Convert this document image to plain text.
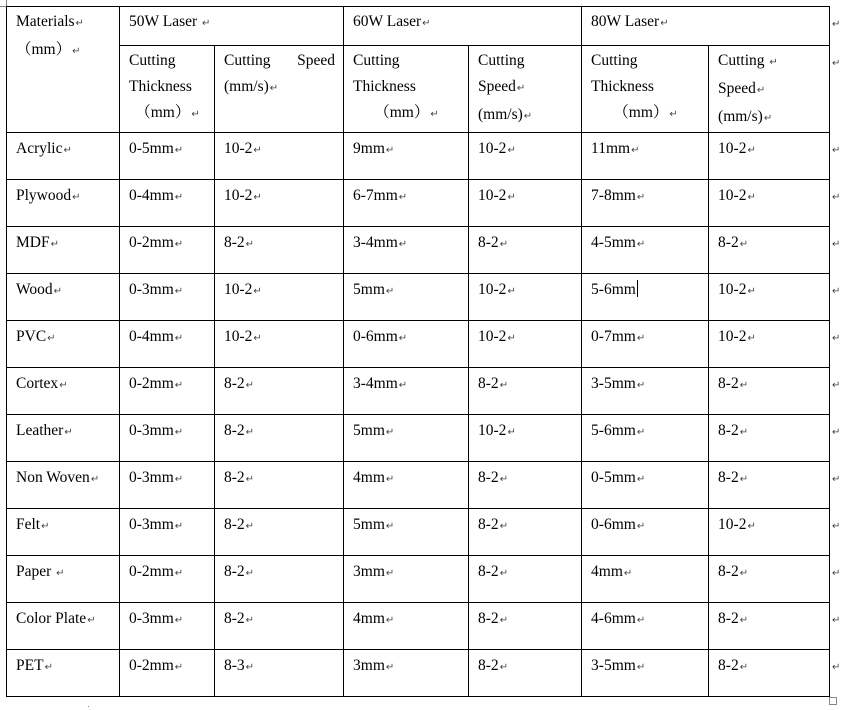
Materials↵
（mm）↵	50W Laser ↵		60W Laser↵		80W Laser↵	

	Cutting
Thickness
（mm）↵	Cutting Speed
(mm/s)↵	Cutting
Thickness
（mm）↵	Cutting
Speed↵
(mm/s)↵	Cutting
Thickness
（mm）↵	Cutting ↵
Speed↵
(mm/s)↵

Acrylic↵	0-5mm↵	10-2↵	9mm↵	10-2↵	11mm↵	10-2↵
Plywood↵	0-4mm↵	10-2↵	6-7mm↵	10-2↵	7-8mm↵	10-2↵
MDF↵	0-2mm↵	8-2↵	3-4mm↵	8-2↵	4-5mm↵	8-2↵
Wood↵	0-3mm↵	10-2↵	5mm↵	10-2↵	5-6mm	10-2↵
PVC↵	0-4mm↵	10-2↵	0-6mm↵	10-2↵	0-7mm↵	10-2↵
Cortex↵	0-2mm↵	8-2↵	3-4mm↵	8-2↵	3-5mm↵	8-2↵
Leather↵	0-3mm↵	8-2↵	5mm↵	10-2↵	5-6mm↵	8-2↵
Non Woven↵	0-3mm↵	8-2↵	4mm↵	8-2↵	0-5mm↵	8-2↵
Felt↵	0-3mm↵	8-2↵	5mm↵	8-2↵	0-6mm↵	10-2↵
Paper ↵	0-2mm↵	8-2↵	3mm↵	8-2↵	4mm↵	8-2↵
Color Plate↵	0-3mm↵	8-2↵	4mm↵	8-2↵	4-6mm↵	8-2↵
PET↵	0-2mm↵	8-3↵	3mm↵	8-2↵	3-5mm↵	8-2↵
↵
↵
↵
↵
↵
↵
↵
↵
↵
↵
↵
↵
↵
↵
